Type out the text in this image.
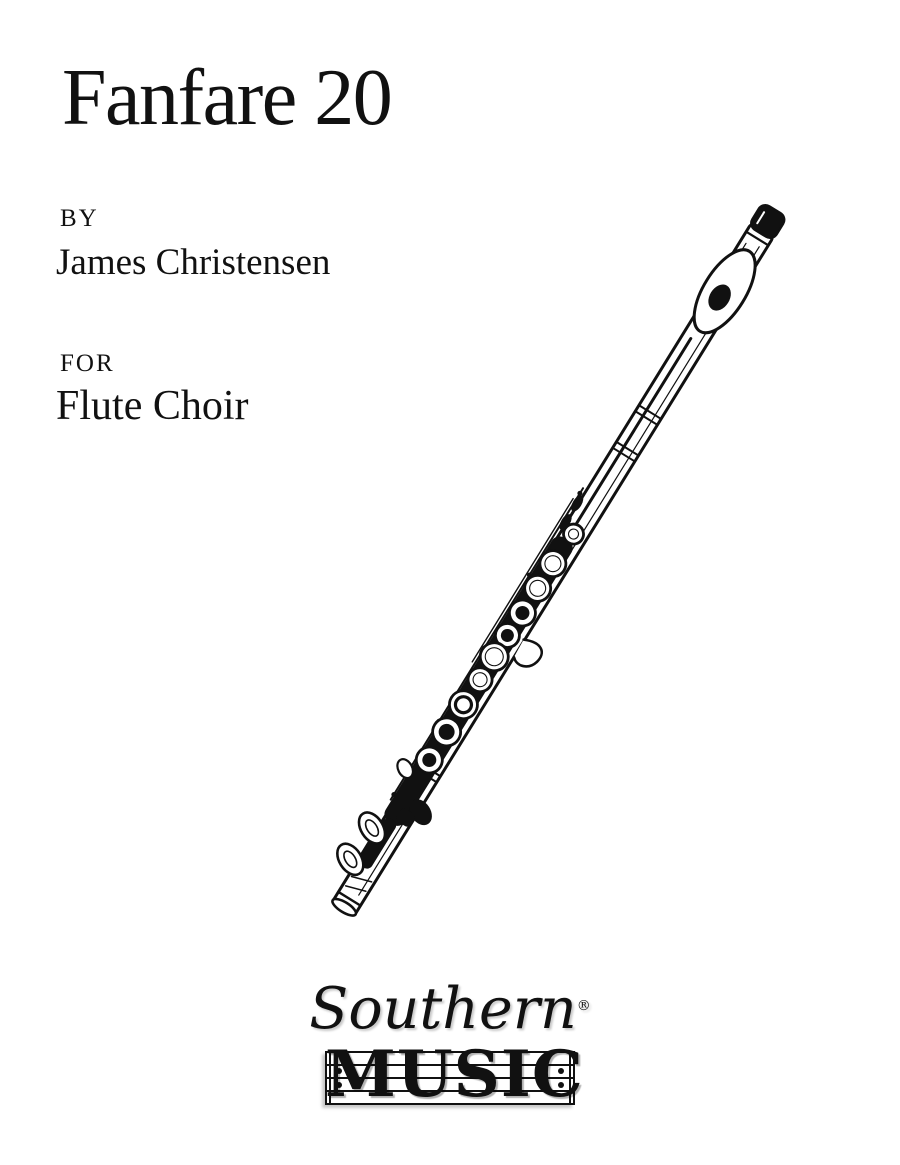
Fanfare 20
BY
James Christensen
FOR
Flute Choir
Southern®
MUSIC
